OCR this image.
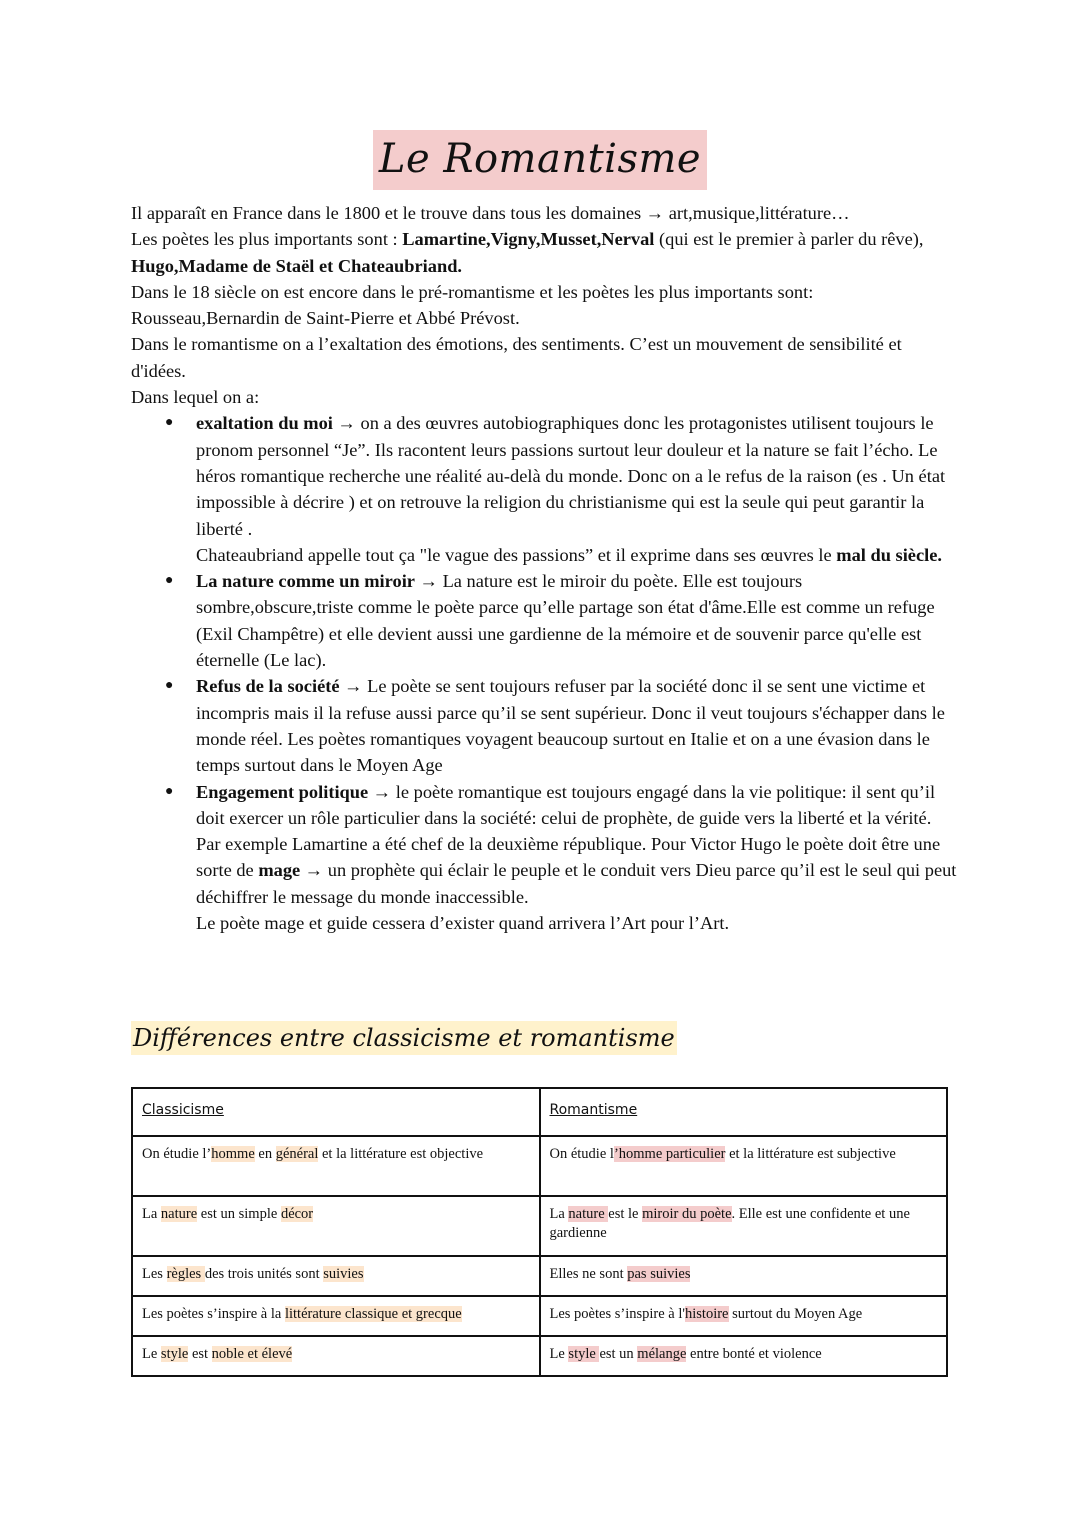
Le Romantisme

Il apparaît en France dans le 1800 et le trouve dans tous les domaines → art,musique,littérature…

Les poètes les plus importants sont : Lamartine,Vigny,Musset,Nerval (qui est le premier à parler du rêve), Hugo,Madame de Staël et Chateaubriand.

Dans le 18 siècle on est encore dans le pré-romantisme et les poètes les plus importants sont: Rousseau,Bernardin de Saint-Pierre et Abbé Prévost.

Dans le romantisme on a l’exaltation des émotions, des sentiments. C’est un mouvement de sensibilité et d'idées.

Dans lequel on a:

● exaltation du moi → on a des œuvres autobiographiques donc les protagonistes utilisent toujours le pronom personnel “Je”. Ils racontent leurs passions surtout leur douleur et la nature se fait l’écho. Le héros romantique recherche une réalité au-delà du monde. Donc on a le refus de la raison (es . Un état impossible à décrire ) et on retrouve la religion du christianisme qui est la seule qui peut garantir la liberté .

Chateaubriand appelle tout ça "le vague des passions” et il exprime dans ses œuvres le mal du siècle.

● La nature comme un miroir → La nature est le miroir du poète. Elle est toujours sombre,obscure,triste comme le poète parce qu’elle partage son état d'âme.Elle est comme un refuge (Exil Champêtre) et elle devient aussi une gardienne de la mémoire et de souvenir parce qu'elle est éternelle (Le lac).

● Refus de la société → Le poète se sent toujours refuser par la société donc il se sent une victime et incompris mais il la refuse aussi parce qu’il se sent supérieur. Donc il veut toujours s'échapper dans le monde réel. Les poètes romantiques voyagent beaucoup surtout en Italie et on a une évasion dans le temps surtout dans le Moyen Age

● Engagement politique → le poète romantique est toujours engagé dans la vie politique: il sent qu’il doit exercer un rôle particulier dans la société: celui de prophète, de guide vers la liberté et la vérité.

Par exemple Lamartine a été chef de la deuxième république. Pour Victor Hugo le poète doit être une sorte de mage → un prophète qui éclair le peuple et le conduit vers Dieu parce qu’il est le seul qui peut déchiffrer le message du monde inaccessible.

Le poète mage et guide cessera d’exister quand arrivera l’Art pour l’Art.

Différences entre classicisme et romantisme
Classicisme	Romantisme
On étudie l’homme en général et la littérature est objective	On étudie l’homme particulier et la littérature est subjective
La nature est un simple décor	La nature est le miroir du poète. Elle est une confidente et une gardienne
Les règles des trois unités sont suivies	Elles ne sont pas suivies
Les poètes s’inspire à la littérature classique et grecque	Les poètes s’inspire à l'histoire surtout du Moyen Age
Le style est noble et élevé	Le style est un mélange entre bonté et violence
